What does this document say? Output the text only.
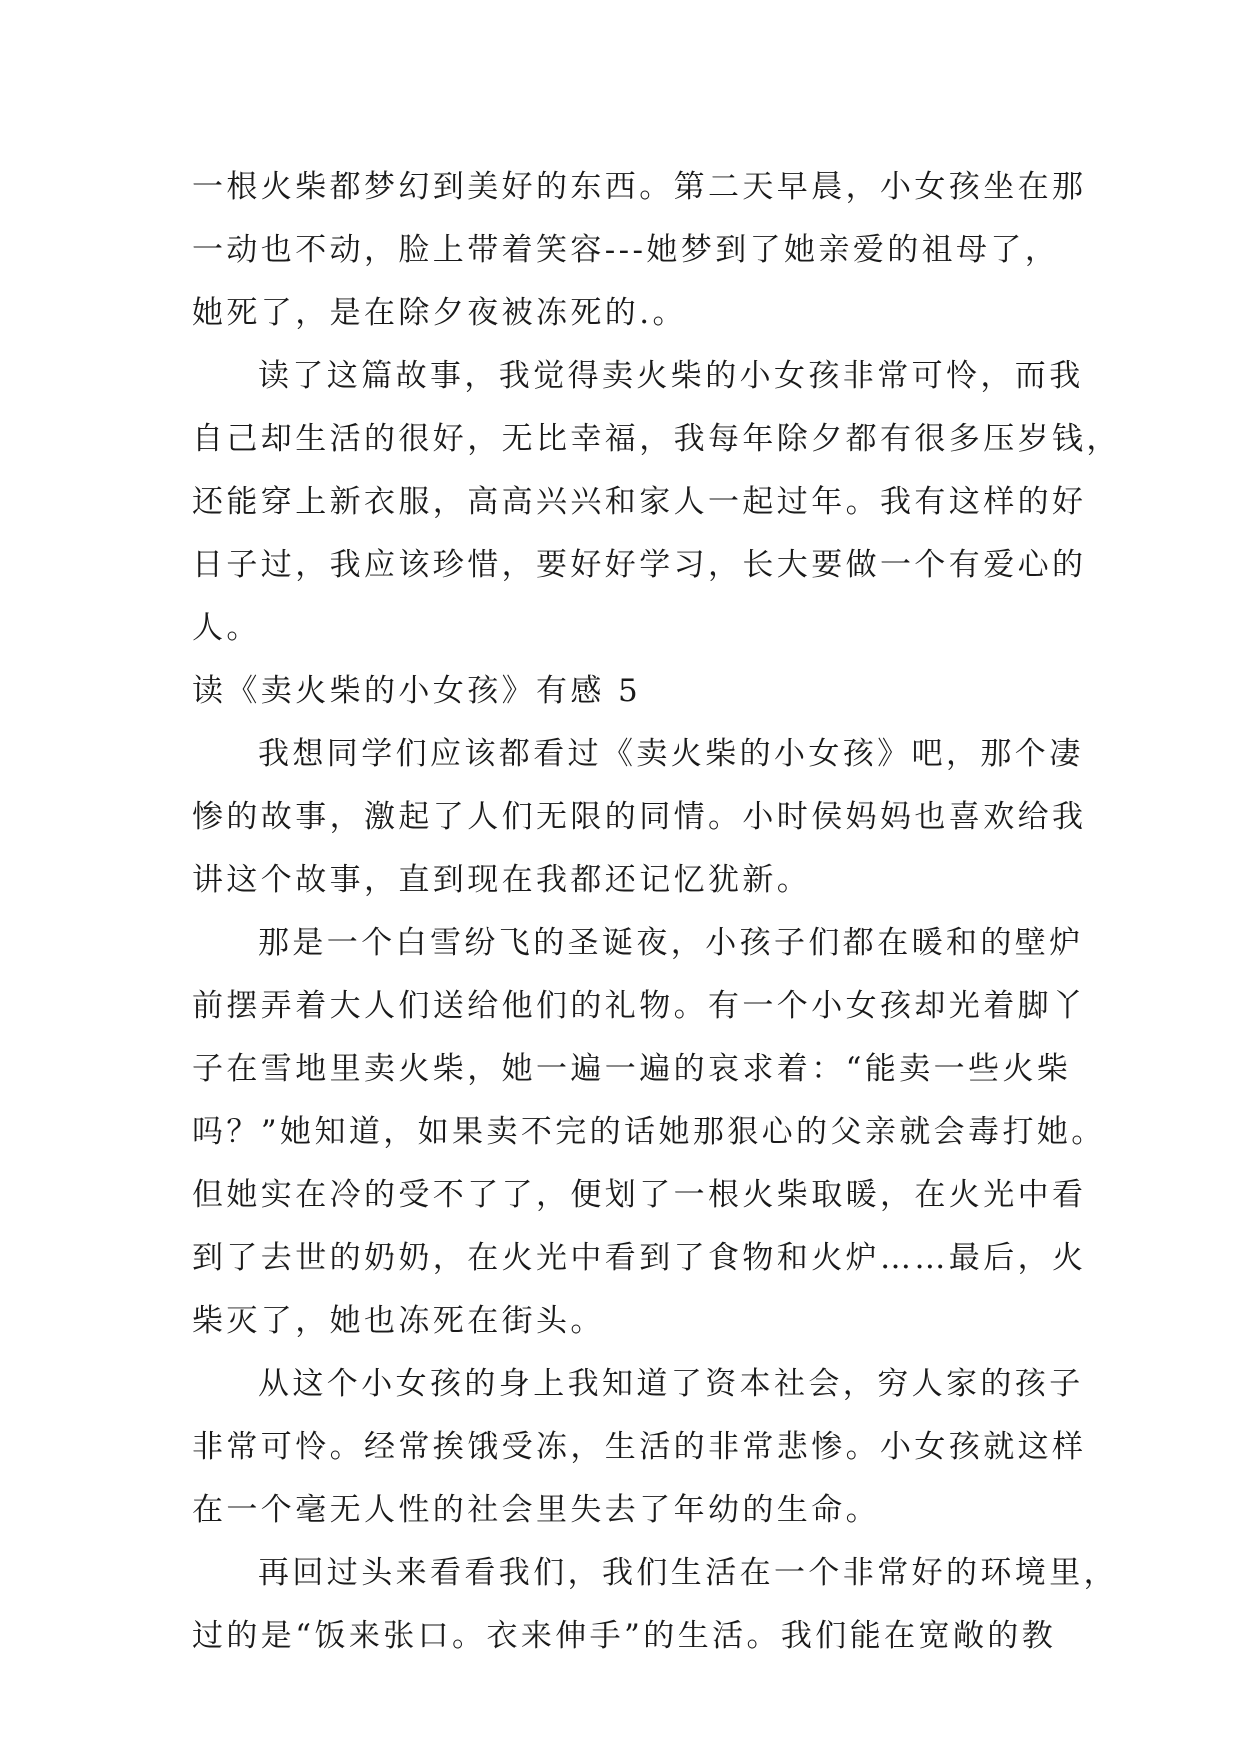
一根火柴都梦幻到美好的东西。第二天早晨，小女孩坐在那
一动也不动，脸上带着笑容---她梦到了她亲爱的祖母了，
她死了，是在除夕夜被冻死的.。
读了这篇故事，我觉得卖火柴的小女孩非常可怜，而我
自己却生活的很好，无比幸福，我每年除夕都有很多压岁钱，
还能穿上新衣服，高高兴兴和家人一起过年。我有这样的好
日子过，我应该珍惜，要好好学习，长大要做一个有爱心的
人。
读《卖火柴的小女孩》有感 5
我想同学们应该都看过《卖火柴的小女孩》吧，那个凄
惨的故事，激起了人们无限的同情。小时侯妈妈也喜欢给我
讲这个故事，直到现在我都还记忆犹新。
那是一个白雪纷飞的圣诞夜，小孩子们都在暖和的壁炉
前摆弄着大人们送给他们的礼物。有一个小女孩却光着脚丫
子在雪地里卖火柴，她一遍一遍的哀求着：“能卖一些火柴
吗？”她知道，如果卖不完的话她那狠心的父亲就会毒打她。
但她实在冷的受不了了，便划了一根火柴取暖，在火光中看
到了去世的奶奶，在火光中看到了食物和火炉……最后，火
柴灭了，她也冻死在街头。
从这个小女孩的身上我知道了资本社会，穷人家的孩子
非常可怜。经常挨饿受冻，生活的非常悲惨。小女孩就这样
在一个毫无人性的社会里失去了年幼的生命。
再回过头来看看我们，我们生活在一个非常好的环境里，
过的是“饭来张口。衣来伸手”的生活。我们能在宽敞的教
